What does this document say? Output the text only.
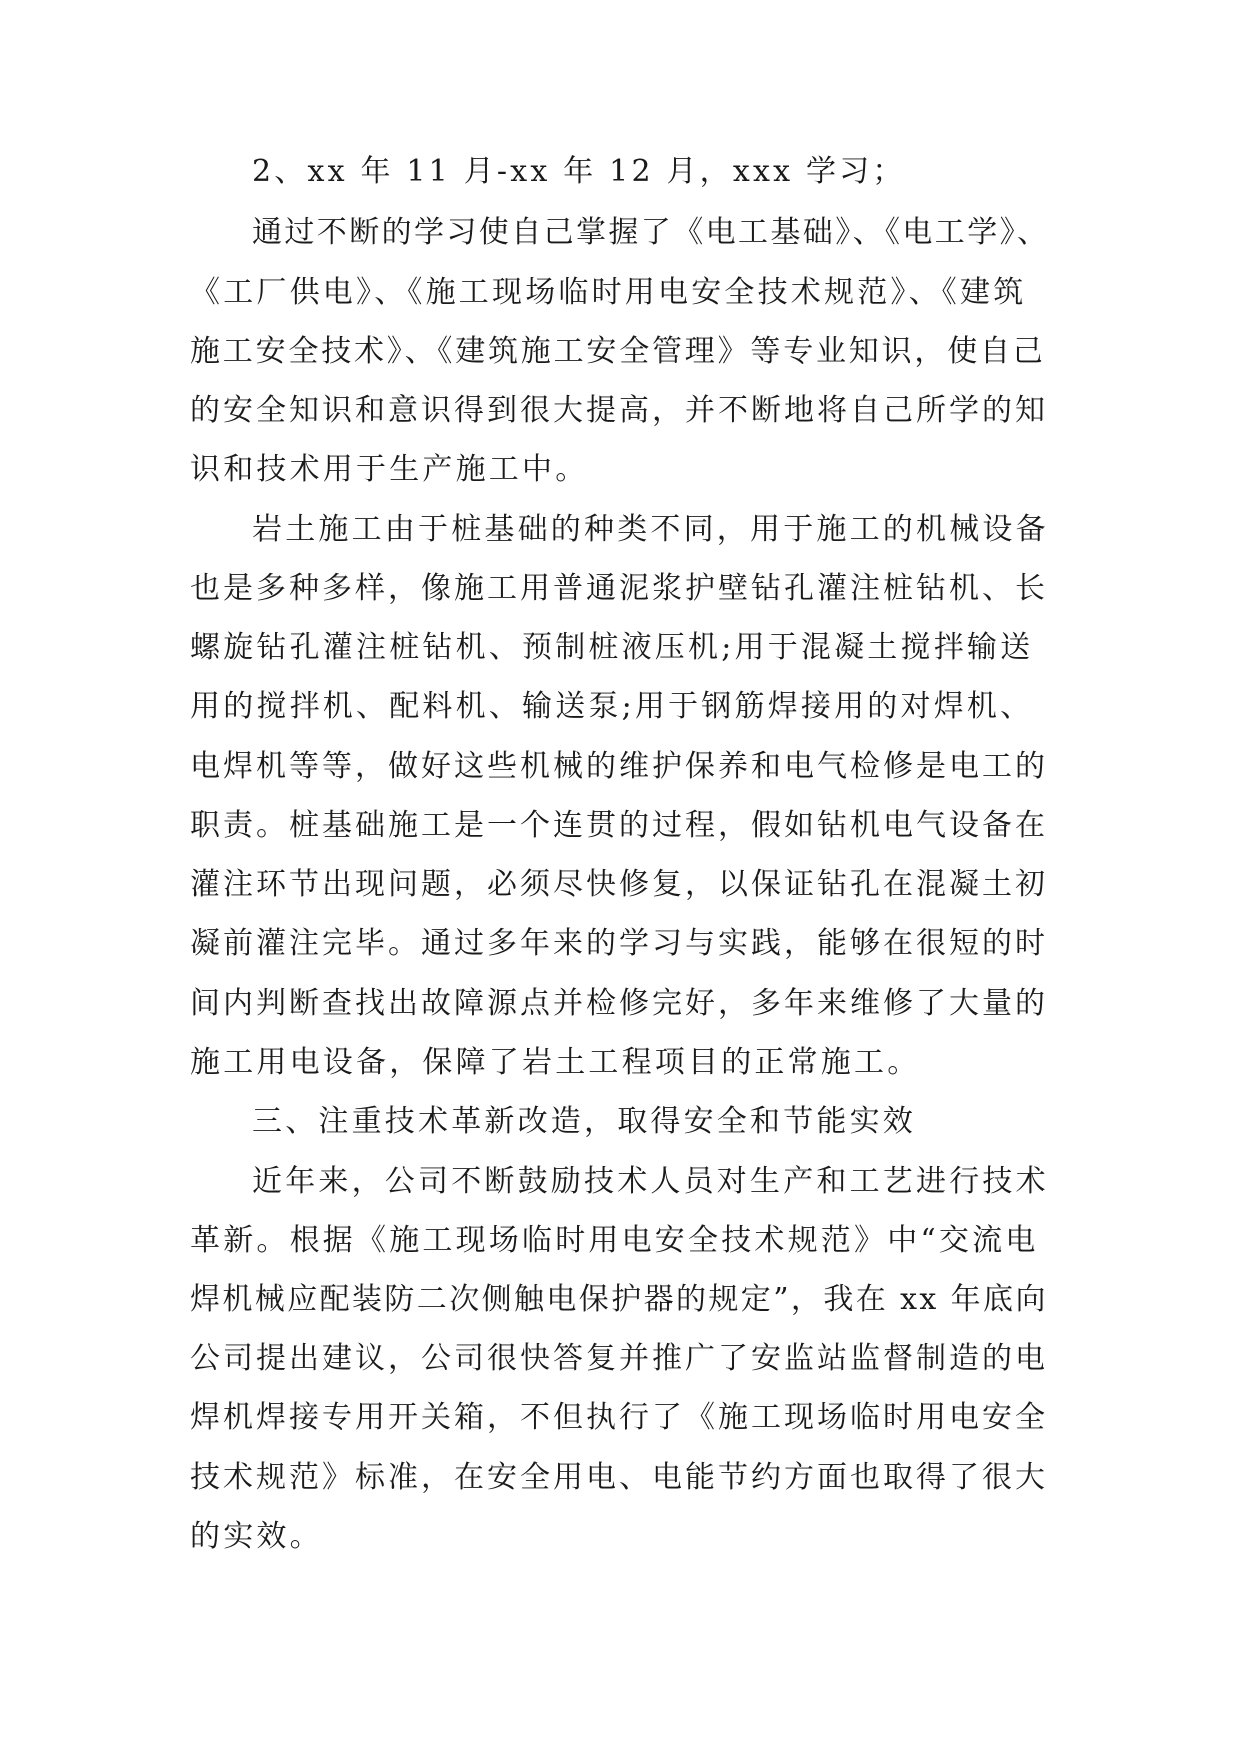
2、xx 年 11 月-xx 年 12 月，xxx 学习；

通过不断的学习使自己掌握了《电工基础》、《电工学》、

《工厂供电》、《施工现场临时用电安全技术规范》、《建筑

施工安全技术》、《建筑施工安全管理》等专业知识，使自己

的安全知识和意识得到很大提高，并不断地将自己所学的知

识和技术用于生产施工中。

岩土施工由于桩基础的种类不同，用于施工的机械设备

也是多种多样，像施工用普通泥浆护壁钻孔灌注桩钻机、长

螺旋钻孔灌注桩钻机、预制桩液压机;用于混凝土搅拌输送

用的搅拌机、配料机、输送泵;用于钢筋焊接用的对焊机、

电焊机等等，做好这些机械的维护保养和电气检修是电工的

职责。桩基础施工是一个连贯的过程，假如钻机电气设备在

灌注环节出现问题，必须尽快修复，以保证钻孔在混凝土初

凝前灌注完毕。通过多年来的学习与实践，能够在很短的时

间内判断查找出故障源点并检修完好，多年来维修了大量的

施工用电设备，保障了岩土工程项目的正常施工。

三、注重技术革新改造，取得安全和节能实效

近年来，公司不断鼓励技术人员对生产和工艺进行技术

革新。根据《施工现场临时用电安全技术规范》中“交流电

焊机械应配装防二次侧触电保护器的规定”，我在 xx 年底向

公司提出建议，公司很快答复并推广了安监站监督制造的电

焊机焊接专用开关箱，不但执行了《施工现场临时用电安全

技术规范》标准，在安全用电、电能节约方面也取得了很大

的实效。
